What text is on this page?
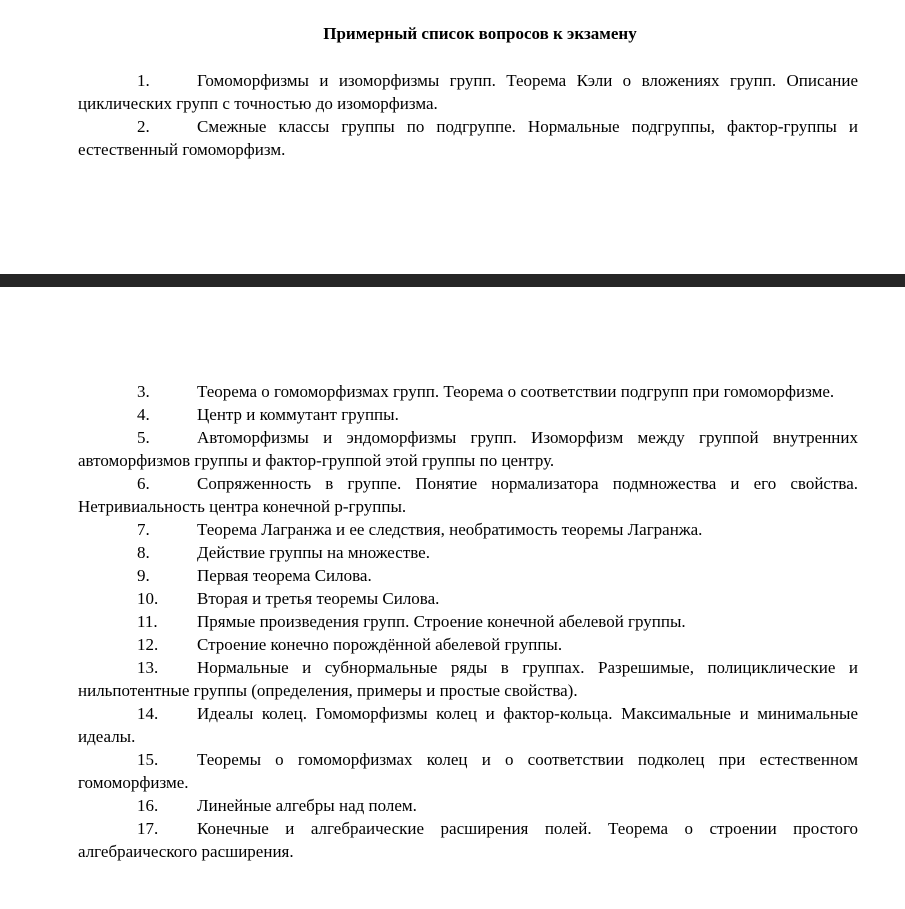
Примерный список вопросов к экзамену
1.	Гомоморфизмы и изоморфизмы групп. Теорема Кэли о вложениях групп. Описание циклических групп с точностью до изоморфизма.
2.	Смежные классы группы по подгруппе. Нормальные подгруппы, фактор-группы и естественный гомоморфизм.
3.	Теорема о гомоморфизмах групп. Теорема о соответствии подгрупп при гомоморфизме.
4.	Центр и коммутант группы.
5.	Автоморфизмы и эндоморфизмы групп. Изоморфизм между группой внутренних автоморфизмов группы и фактор-группой этой группы по центру.
6.	Сопряженность в группе. Понятие нормализатора подмножества и его свойства. Нетривиальность центра конечной p-группы.
7.	Теорема Лагранжа и ее следствия, необратимость теоремы Лагранжа.
8.	Действие группы на множестве.
9.	Первая теорема Силова.
10. Вторая и третья теоремы Силова.
11. Прямые произведения групп. Строение конечной абелевой группы.
12. Строение конечно порождённой абелевой группы.
13. Нормальные и субнормальные ряды в группах. Разрешимые, полициклические и нильпотентные группы (определения, примеры и простые свойства).
14. Идеалы колец. Гомоморфизмы колец и фактор-кольца. Максимальные и минимальные идеалы.
15. Теоремы о гомоморфизмах колец и о соответствии подколец при естественном гомоморфизме.
16. Линейные алгебры над полем.
17. Конечные и алгебраические расширения полей. Теорема о строении простого алгебраического расширения.
